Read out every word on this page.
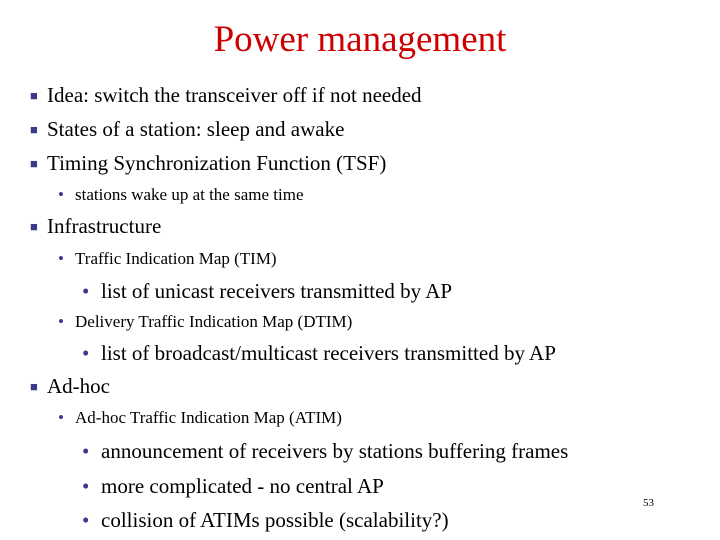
Power management
■ Idea: switch the transceiver off if not needed
■ States of a station: sleep and awake
■ Timing Synchronization Function (TSF)
• stations wake up at the same time
■ Infrastructure
• Traffic Indication Map (TIM)
• list of unicast receivers transmitted by AP
• Delivery Traffic Indication Map (DTIM)
• list of broadcast/multicast receivers transmitted by AP
■ Ad-hoc
• Ad-hoc Traffic Indication Map (ATIM)
• announcement of receivers by stations buffering frames
• more complicated - no central AP
• collision of ATIMs possible (scalability?)
53
